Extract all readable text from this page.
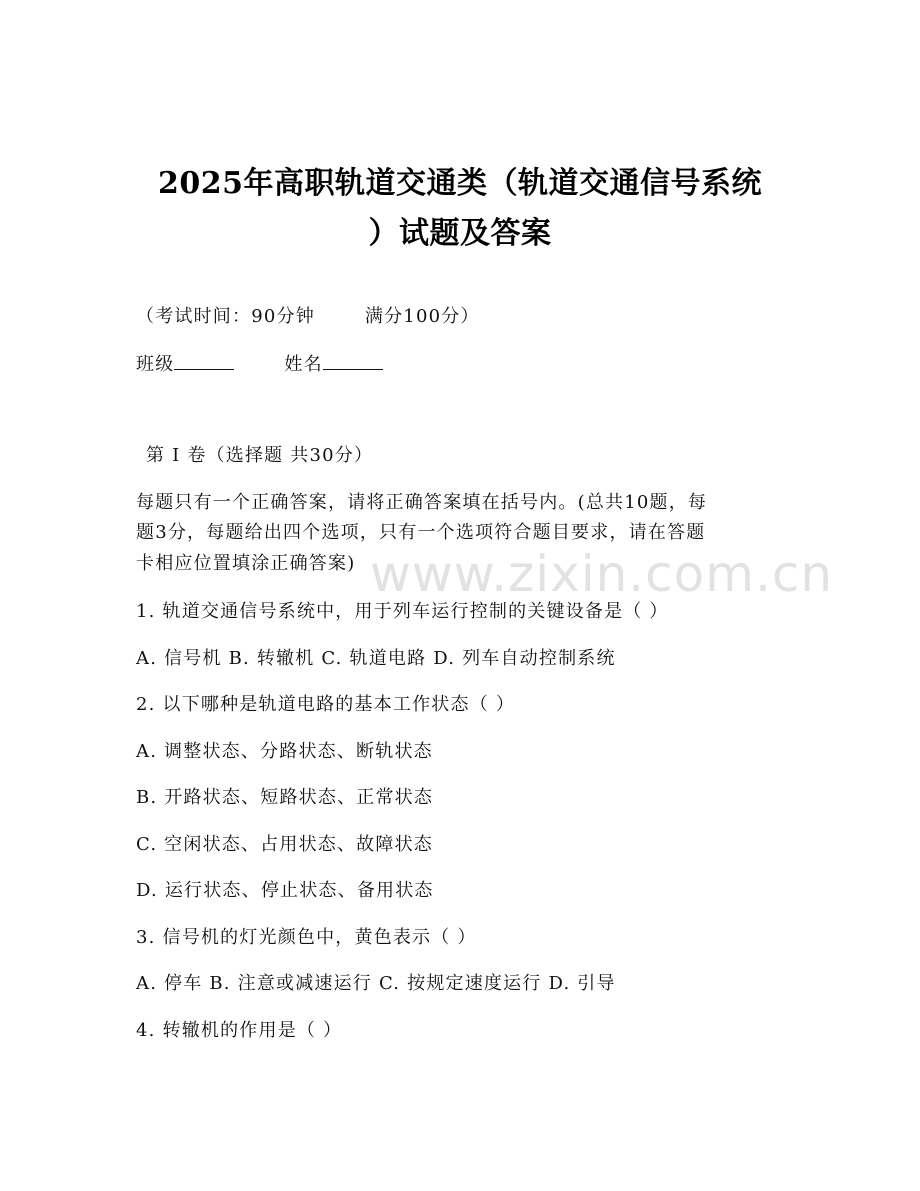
2025年高职轨道交通类（轨道交通信号系统
）试题及答案
（考试时间：90分钟	满分100分）
班级	姓名
第 I 卷（选择题 共30分）
每题只有一个正确答案，请将正确答案填在括号内。(总共10题，每
题3分，每题给出四个选项，只有一个选项符合题目要求，请在答题
卡相应位置填涂正确答案)
1. 轨道交通信号系统中，用于列车运行控制的关键设备是（ ）
A. 信号机 B. 转辙机 C. 轨道电路 D. 列车自动控制系统
2. 以下哪种是轨道电路的基本工作状态（ ）
A. 调整状态、分路状态、断轨状态
B. 开路状态、短路状态、正常状态
C. 空闲状态、占用状态、故障状态
D. 运行状态、停止状态、备用状态
3. 信号机的灯光颜色中，黄色表示（ ）
A. 停车 B. 注意或减速运行 C. 按规定速度运行 D. 引导
4. 转辙机的作用是（ ）
www.zixin.com.cn
